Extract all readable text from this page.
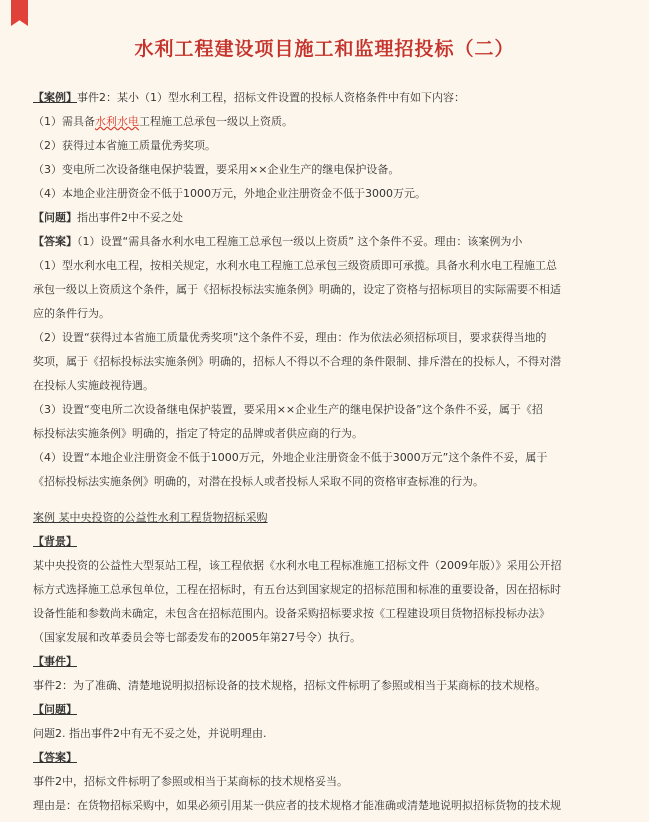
水利工程建设项目施工和监理招投标（二）

【案例】事件2：某小（1）型水利工程，招标文件设置的投标人资格条件中有如下内容：

（1）需具备水利水电工程施工总承包一级以上资质。

（2）获得过本省施工质量优秀奖项。

（3）变电所二次设备继电保护装置，要采用××企业生产的继电保护设备。

（4）本地企业注册资金不低于1000万元，外地企业注册资金不低于3000万元。

【问题】指出事件2中不妥之处

【答案】（1）设置“需具备水利水电工程施工总承包一级以上资质” 这个条件不妥。理由：该案例为小

（1）型水利水电工程，按相关规定，水利水电工程施工总承包三级资质即可承揽。具备水利水电工程施工总

承包一级以上资质这个条件，属于《招标投标法实施条例》明确的，设定了资格与招标项目的实际需要不相适

应的条件行为。

（2）设置“获得过本省施工质量优秀奖项”这个条件不妥，理由：作为依法必须招标项目，要求获得当地的

奖项，属于《招标投标法实施条例》明确的，招标人不得以不合理的条件限制、排斥潜在的投标人，不得对潜

在投标人实施歧视待遇。

（3）设置“变电所二次设备继电保护装置，要采用××企业生产的继电保护设备”这个条件不妥，属于《招

标投标法实施条例》明确的，指定了特定的品牌或者供应商的行为。

（4）设置“本地企业注册资金不低于1000万元，外地企业注册资金不低于3000万元”这个条件不妥，属于

《招标投标法实施条例》明确的，对潜在投标人或者投标人采取不同的资格审查标准的行为。

案例 某中央投资的公益性水利工程货物招标采购

【背景】

某中央投资的公益性大型泵站工程，该工程依据《水利水电工程标准施工招标文件（2009年版）》采用公开招

标方式选择施工总承包单位，工程在招标时，有五台达到国家规定的招标范围和标准的重要设备，因在招标时

设备性能和参数尚未确定，未包含在招标范围内。设备采购招标要求按《工程建设项目货物招标投标办法》

（国家发展和改革委员会等七部委发布的2005年第27号令）执行。

【事件】

事件2：为了准确、清楚地说明拟招标设备的技术规格，招标文件标明了参照或相当于某商标的技术规格。

【问题】

问题2. 指出事件2中有无不妥之处，并说明理由.

【答案】

事件2中，招标文件标明了参照或相当于某商标的技术规格妥当。

理由是：在货物招标采购中，如果必须引用某一供应者的技术规格才能准确或清楚地说明拟招标货物的技术规
